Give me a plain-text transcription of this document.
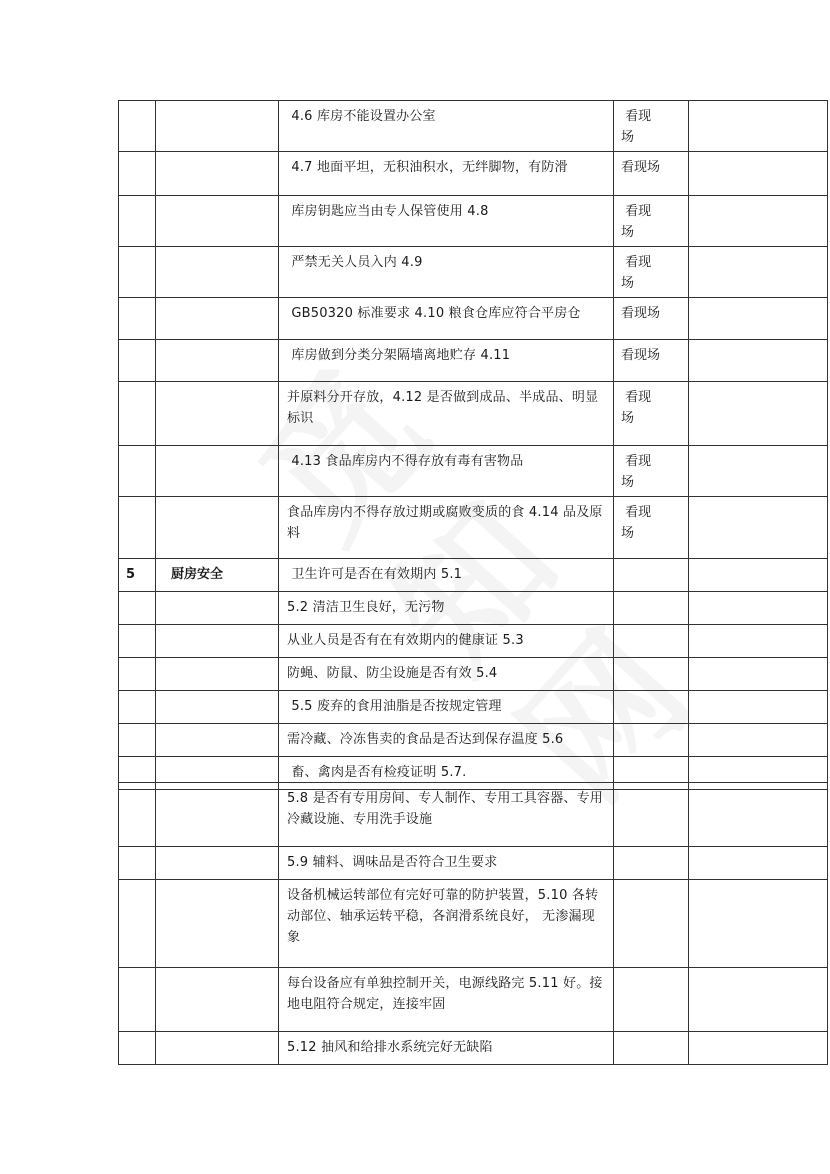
		4.6 库房不能设置办公室	看现
场	
		4.7 地面平坦，无积油积水，无绊脚物，有防滑	看现场	
		库房钥匙应当由专人保管使用 4.8	看现
场	
		严禁无关人员入内 4.9	看现
场	
		GB50320 标准要求 4.10 粮食仓库应符合平房仓	看现场	
		库房做到分类分架隔墙离地贮存 4.11	看现场	
		并原料分开存放，4.12 是否做到成品、半成品、明显标识	看现
场	
		4.13 食品库房内不得存放有毒有害物品	看现
场	
		食品库房内不得存放过期或腐败变质的食 4.14 品及原料	看现
场	
5	厨房安全	卫生许可是否在有效期内 5.1		
		5.2 清洁卫生良好，无污物		
		从业人员是否有在有效期内的健康证 5.3		
		防蝇、防鼠、防尘设施是否有效 5.4		
		5.5 废弃的食用油脂是否按规定管理		
		需冷藏、冷冻售卖的食品是否达到保存温度 5.6		
		畜、禽肉是否有检疫证明 5.7.		
		5.8 是否有专用房间、专人制作、专用工具容器、专用冷藏设施、专用洗手设施		
		5.9 辅料、调味品是否符合卫生要求		
		设备机械运转部位有完好可靠的防护装置，5.10 各转动部位、轴承运转平稳，各润滑系统良好， 无渗漏现象		
		每台设备应有单独控制开关，电源线路完 5.11 好。接地电阻符合规定，连接牢固		
		5.12 抽风和给排水系统完好无缺陷		
